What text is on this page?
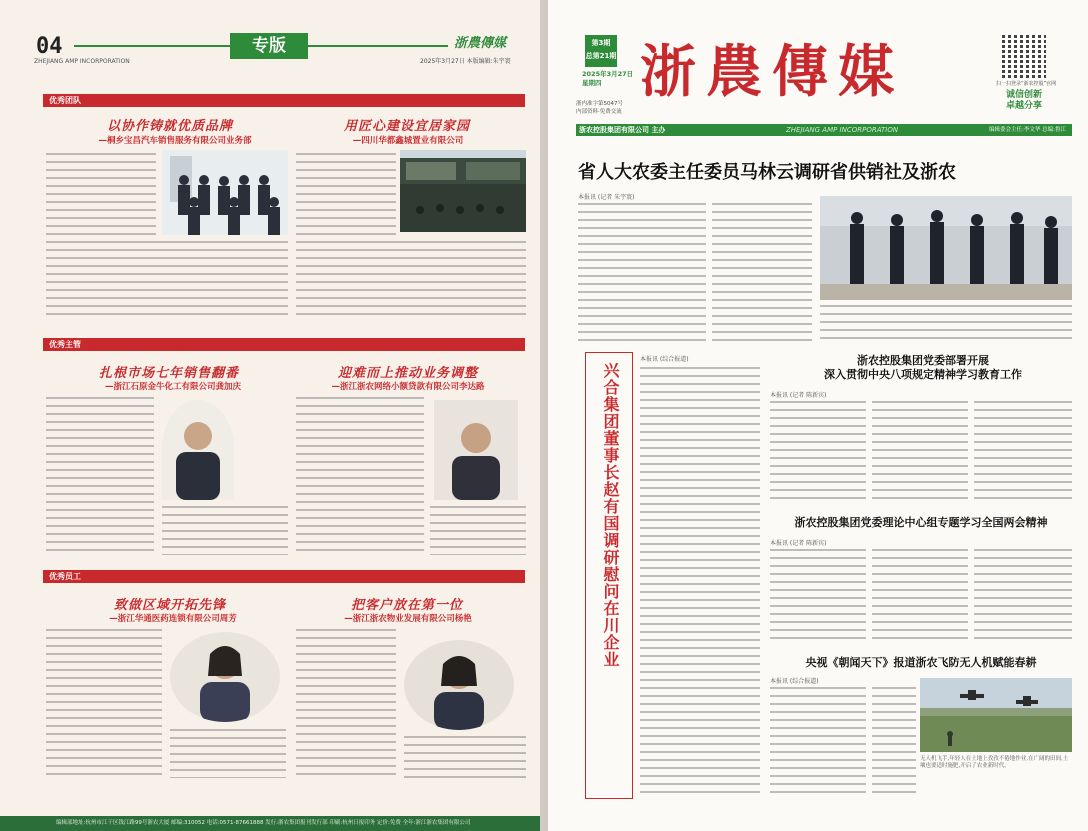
04
ZHEJIANG AMP INCORPORATION
专版	浙農傳媒
2025年3月27日 本版编辑:朱宇寰
优秀团队
以协作铸就优质品牌
—桐乡宝昌汽车销售服务有限公司业务部
用匠心建设宜居家园
—四川华都鑫城置业有限公司
优秀主管
扎根市场七年销售翻番
—浙江石原金牛化工有限公司龚加庆
迎难而上推动业务调整
—浙江浙农网络小额贷款有限公司李达路
优秀员工
致做区域开拓先锋
—浙江华通医药连锁有限公司周芳
把客户放在第一位
—浙江浙农物业发展有限公司杨艳
编辑部地址:杭州市江干区钱江路99号浙农大厦 邮编:310052 电话:0571-87661888 发行:浙农集团报刊发行部 印刷:杭州日报印务 定价:免费 全年:浙江浙农集团有限公司
第3期
总第21期
2025年3月27日
星期四 浙農傳媒
浙内准字第5047号
内部资料·免费交流
扫一扫登录“浙农控股”官网
诚信创新
卓越分享
浙农控股集团有限公司 主办	ZHEJIANG AMP INCORPORATION	编辑委会主任:李文华 总编:鲁江
省人大农委主任委员马林云调研省供销社及浙农
本报讯 (记者 朱宇寰)
兴合集团董事长赵有国调研慰问在川企业
本报讯 (综合报道)	浙农控股集团党委部署开展
深入贯彻中央八项规定精神学习教育工作
本报讯 (记者 陈新宾)
浙农控股集团党委理论中心组专题学习全国两会精神
本报讯 (记者 陈新宾)
央视《朝闻天下》报道浙农飞防无人机赋能春耕
本报讯 (综合报道)
无人机飞手,年轻人在土地上孜孜不倦地作业,在广阔的田间,土壤也要适时施肥,开启了农业新时代。
